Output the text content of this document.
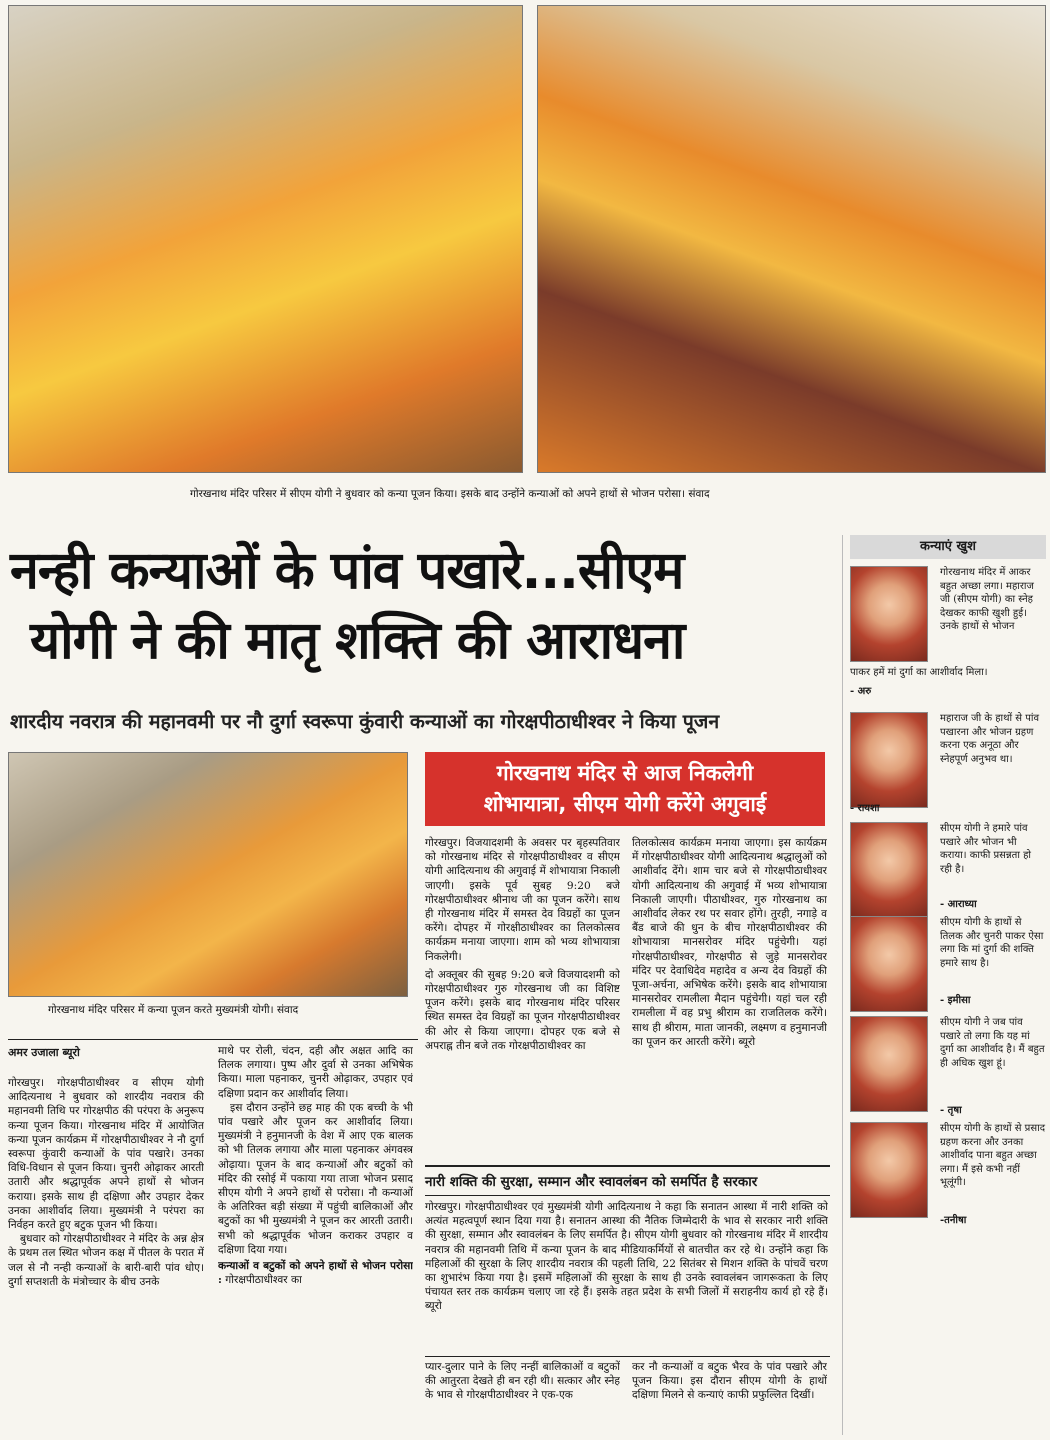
गोरखनाथ मंदिर परिसर में सीएम योगी ने बुधवार को कन्या पूजन किया। इसके बाद उन्होंने कन्याओं को अपने हाथों से भोजन परोसा। संवाद
नन्ही कन्याओं के पांव पखारे...सीएम
योगी ने की मातृ शक्ति की आराधना
शारदीय नवरात्र की महानवमी पर नौ दुर्गा स्वरूपा कुंवारी कन्याओं का गोरक्षपीठाधीश्वर ने किया पूजन
गोरखनाथ मंदिर परिसर में कन्या पूजन करते मुख्यमंत्री योगी। संवाद
अमर उजाला ब्यूरो

गोरखपुर। गोरक्षपीठाधीश्वर व सीएम योगी आदित्यनाथ ने बुधवार को शारदीय नवरात्र की महानवमी तिथि पर गोरक्षपीठ की परंपरा के अनुरूप कन्या पूजन किया। गोरखनाथ मंदिर में आयोजित कन्या पूजन कार्यक्रम में गोरक्षपीठाधीश्वर ने नौ दुर्गा स्वरूपा कुंवारी कन्याओं के पांव पखारे। उनका विधि-विधान से पूजन किया। चुनरी ओढ़ाकर आरती उतारी और श्रद्धापूर्वक अपने हाथों से भोजन कराया। इसके साथ ही दक्षिणा और उपहार देकर उनका आशीर्वाद लिया। मुख्यमंत्री ने परंपरा का निर्वहन करते हुए बटुक पूजन भी किया।

बुधवार को गोरक्षपीठाधीश्वर ने मंदिर के अन्न क्षेत्र के प्रथम तल स्थित भोजन कक्ष में पीतल के परात में जल से नौ नन्ही कन्याओं के बारी-बारी पांव धोए। दुर्गा सप्तशती के मंत्रोच्चार के बीच उनके

माथे पर रोली, चंदन, दही और अक्षत आदि का तिलक लगाया। पुष्प और दुर्वा से उनका अभिषेक किया। माला पहनाकर, चुनरी ओढ़ाकर, उपहार एवं दक्षिणा प्रदान कर आशीर्वाद लिया।

इस दौरान उन्होंने छह माह की एक बच्ची के भी पांव पखारे और पूजन कर आशीर्वाद लिया। मुख्यमंत्री ने हनुमानजी के वेश में आए एक बालक को भी तिलक लगाया और माला पहनाकर अंगवस्त्र ओढ़ाया। पूजन के बाद कन्याओं और बटुकों को मंदिर की रसोई में पकाया गया ताजा भोजन प्रसाद सीएम योगी ने अपने हाथों से परोसा। नौ कन्याओं के अतिरिक्त बड़ी संख्या में पहुंची बालिकाओं और बटुकों का भी मुख्यमंत्री ने पूजन कर आरती उतारी। सभी को श्रद्धापूर्वक भोजन कराकर उपहार व दक्षिणा दिया गया।

कन्याओं व बटुकों को अपने हाथों से भोजन परोसा : गोरक्षपीठाधीश्वर का

गोरखनाथ मंदिर से आज निकलेगी
शोभायात्रा, सीएम योगी करेंगे अगुवाई

गोरखपुर। विजयादशमी के अवसर पर बृहस्पतिवार को गोरखनाथ मंदिर से गोरक्षपीठाधीश्वर व सीएम योगी आदित्यनाथ की अगुवाई में शोभायात्रा निकाली जाएगी। इसके पूर्व सुबह 9:20 बजे गोरक्षपीठाधीश्वर श्रीनाथ जी का पूजन करेंगे। साथ ही गोरखनाथ मंदिर में समस्त देव विग्रहों का पूजन करेंगे। दोपहर में गोरक्षीठाधीश्वर का तिलकोत्सव कार्यक्रम मनाया जाएगा। शाम को भव्य शोभायात्रा निकलेगी।

दो अक्तूबर की सुबह 9:20 बजे विजयादशमी को गोरक्षपीठाधीश्वर गुरु गोरखनाथ जी का विशिष्ट पूजन करेंगे। इसके बाद गोरखनाथ मंदिर परिसर स्थित समस्त देव विग्रहों का पूजन गोरक्षपीठाधीश्वर की ओर से किया जाएगा। दोपहर एक बजे से अपराह्न तीन बजे तक गोरक्षपीठाधीश्वर का

तिलकोत्सव कार्यक्रम मनाया जाएगा। इस कार्यक्रम में गोरक्षपीठाधीश्वर योगी आदित्यनाथ श्रद्धालुओं को आशीर्वाद देंगे। शाम चार बजे से गोरक्षपीठाधीश्वर योगी आदित्यनाथ की अगुवाई में भव्य शोभायात्रा निकाली जाएगी। पीठाधीश्वर, गुरु गोरखनाथ का आशीर्वाद लेकर रथ पर सवार होंगे। तुरही, नगाड़े व बैंड बाजे की धुन के बीच गोरक्षपीठाधीश्वर की शोभायात्रा मानसरोवर मंदिर पहुंचेगी। यहां गोरक्षपीठाधीश्वर, गोरक्षपीठ से जुड़े मानसरोवर मंदिर पर देवाधिदेव महादेव व अन्य देव विग्रहों की पूजा-अर्चना, अभिषेक करेंगे। इसके बाद शोभायात्रा मानसरोवर रामलीला मैदान पहुंचेगी। यहां चल रही रामलीला में वह प्रभु श्रीराम का राजतिलक करेंगे। साथ ही श्रीराम, माता जानकी, लक्ष्मण व हनुमानजी का पूजन कर आरती करेंगे। ब्यूरो

नारी शक्ति की सुरक्षा, सम्मान और स्वावलंबन को समर्पित है सरकार
गोरखपुर। गोरक्षपीठाधीश्वर एवं मुख्यमंत्री योगी आदित्यनाथ ने कहा कि सनातन आस्था में नारी शक्ति को अत्यंत महत्वपूर्ण स्थान दिया गया है। सनातन आस्था की नैतिक जिम्मेदारी के भाव से सरकार नारी शक्ति की सुरक्षा, सम्मान और स्वावलंबन के लिए समर्पित है। सीएम योगी बुधवार को गोरखनाथ मंदिर में शारदीय नवरात्र की महानवमी तिथि में कन्या पूजन के बाद मीडियाकर्मियों से बातचीत कर रहे थे। उन्होंने कहा कि महिलाओं की सुरक्षा के लिए शारदीय नवरात्र की पहली तिथि, 22 सितंबर से मिशन शक्ति के पांचवें चरण का शुभारंभ किया गया है। इसमें महिलाओं की सुरक्षा के साथ ही उनके स्वावलंबन जागरूकता के लिए पंचायत स्तर तक कार्यक्रम चलाए जा रहे हैं। इसके तहत प्रदेश के सभी जिलों में सराहनीय कार्य हो रहे हैं। ब्यूरो
प्यार-दुलार पाने के लिए नन्हीं बालिकाओं व बटुकों की आतुरता देखते ही बन रही थी। सत्कार और स्नेह के भाव से गोरक्षपीठाधीश्वर ने एक-एक
कर नौ कन्याओं व बटुक भैरव के पांव पखारे और पूजन किया। इस दौरान सीएम योगी के हाथों दक्षिणा मिलने से कन्याएं काफी प्रफुल्लित दिखीं।
कन्याएं खुश
गोरखनाथ मंदिर में आकर बहुत अच्छा लगा। महाराज जी (सीएम योगी) का स्नेह देखकर काफी खुशी हुई। उनके हाथों से भोजन
पाकर हमें मां दुर्गा का आशीर्वाद मिला।
- अरु
महाराज जी के हाथों से पांव पखारना और भोजन ग्रहण करना एक अनूठा और स्नेहपूर्ण अनुभव था।
- रायशा
सीएम योगी ने हमारे पांव पखारे और भोजन भी कराया। काफी प्रसन्नता हो रही है।
- आराध्या
सीएम योगी के हाथों से तिलक और चुनरी पाकर ऐसा लगा कि मां दुर्गा की शक्ति हमारे साथ है।
- इमीसा
सीएम योगी ने जब पांव पखारे तो लगा कि यह मां दुर्गा का आशीर्वाद है। मैं बहुत ही अधिक खुश हूं।
- तृषा
सीएम योगी के हाथों से प्रसाद ग्रहण करना और उनका आशीर्वाद पाना बहुत अच्छा लगा। मैं इसे कभी नहीं भूलूंगी।
-तनीषा
